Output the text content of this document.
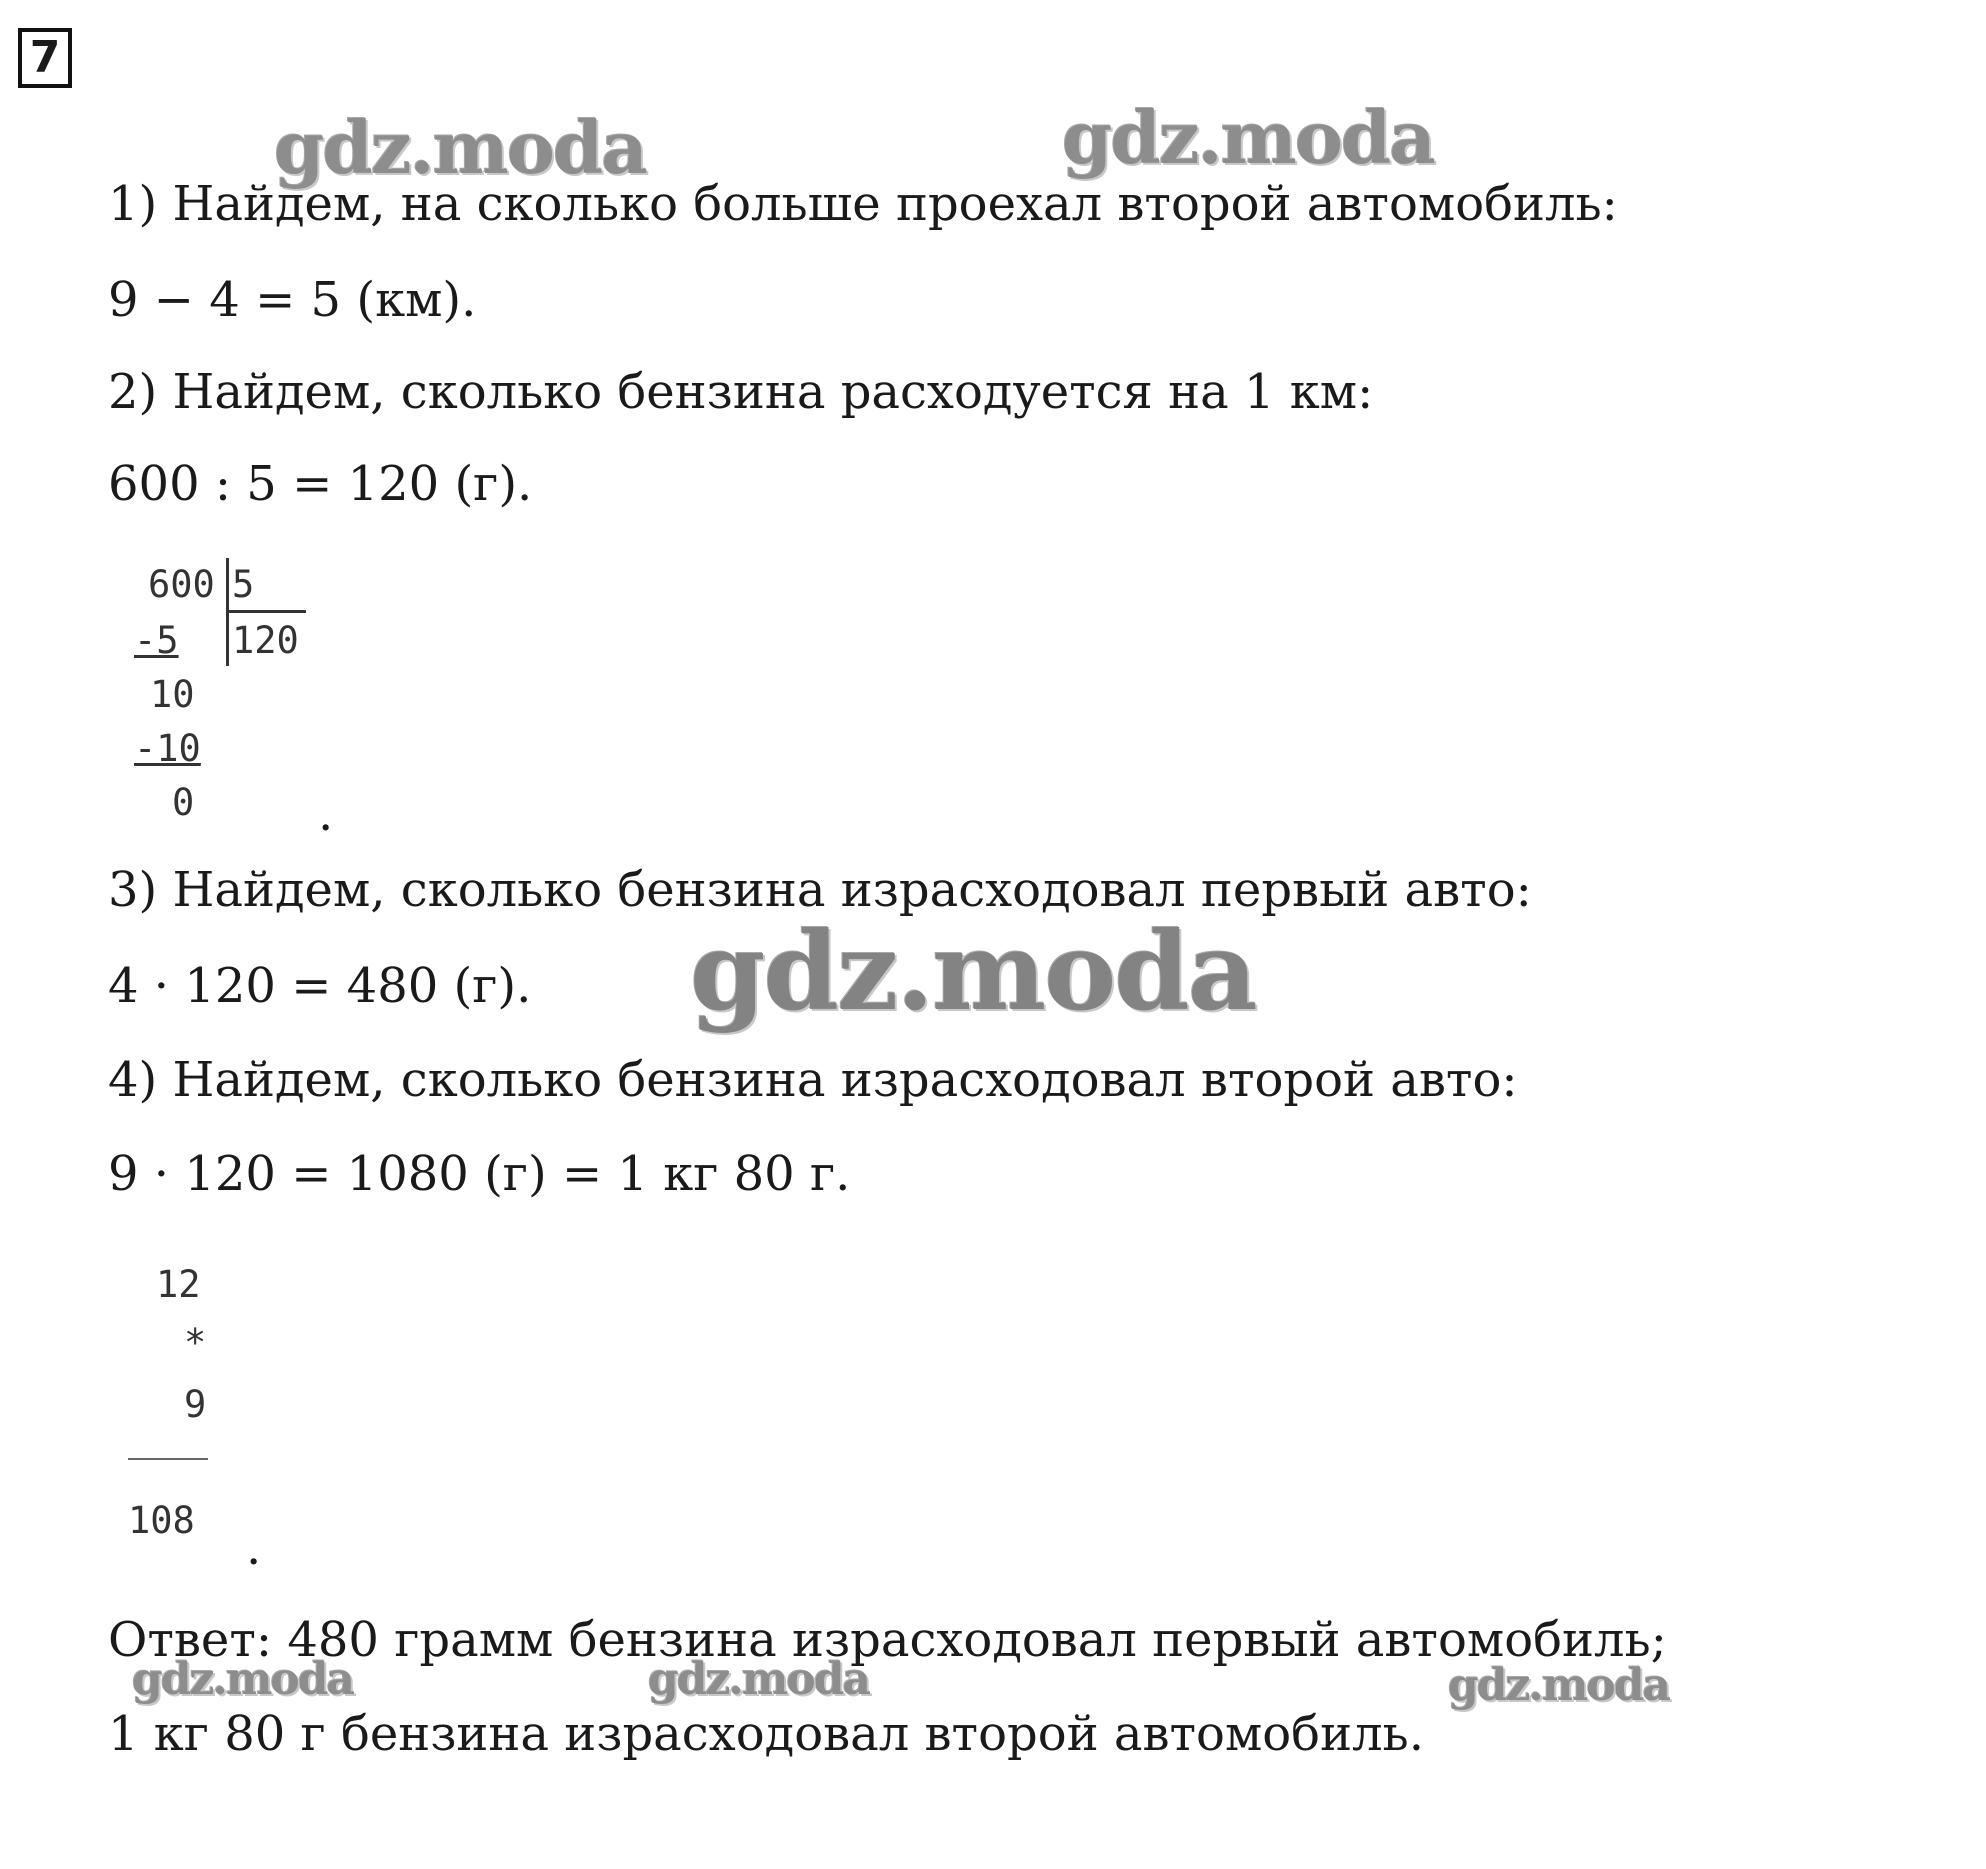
7
gdz.moda	gdz.moda
gdz.moda
gdz.moda	gdz.moda	gdz.moda
1) Найдем, на сколько больше проехал второй автомобиль:
9 − 4 = 5 (км).
2) Найдем, сколько бензина расходуется на 1 км:
600 : 5 = 120 (г).
600 5
120
-5
10
-10
0	.
3) Найдем, сколько бензина израсходовал первый авто:
4 · 120 = 480 (г).
4) Найдем, сколько бензина израсходовал второй авто:
9 · 120 = 1080 (г) = 1 кг 80 г.
12
*
9
108 .
Ответ: 480 грамм бензина израсходовал первый автомобиль;
1 кг 80 г бензина израсходовал второй автомобиль.
